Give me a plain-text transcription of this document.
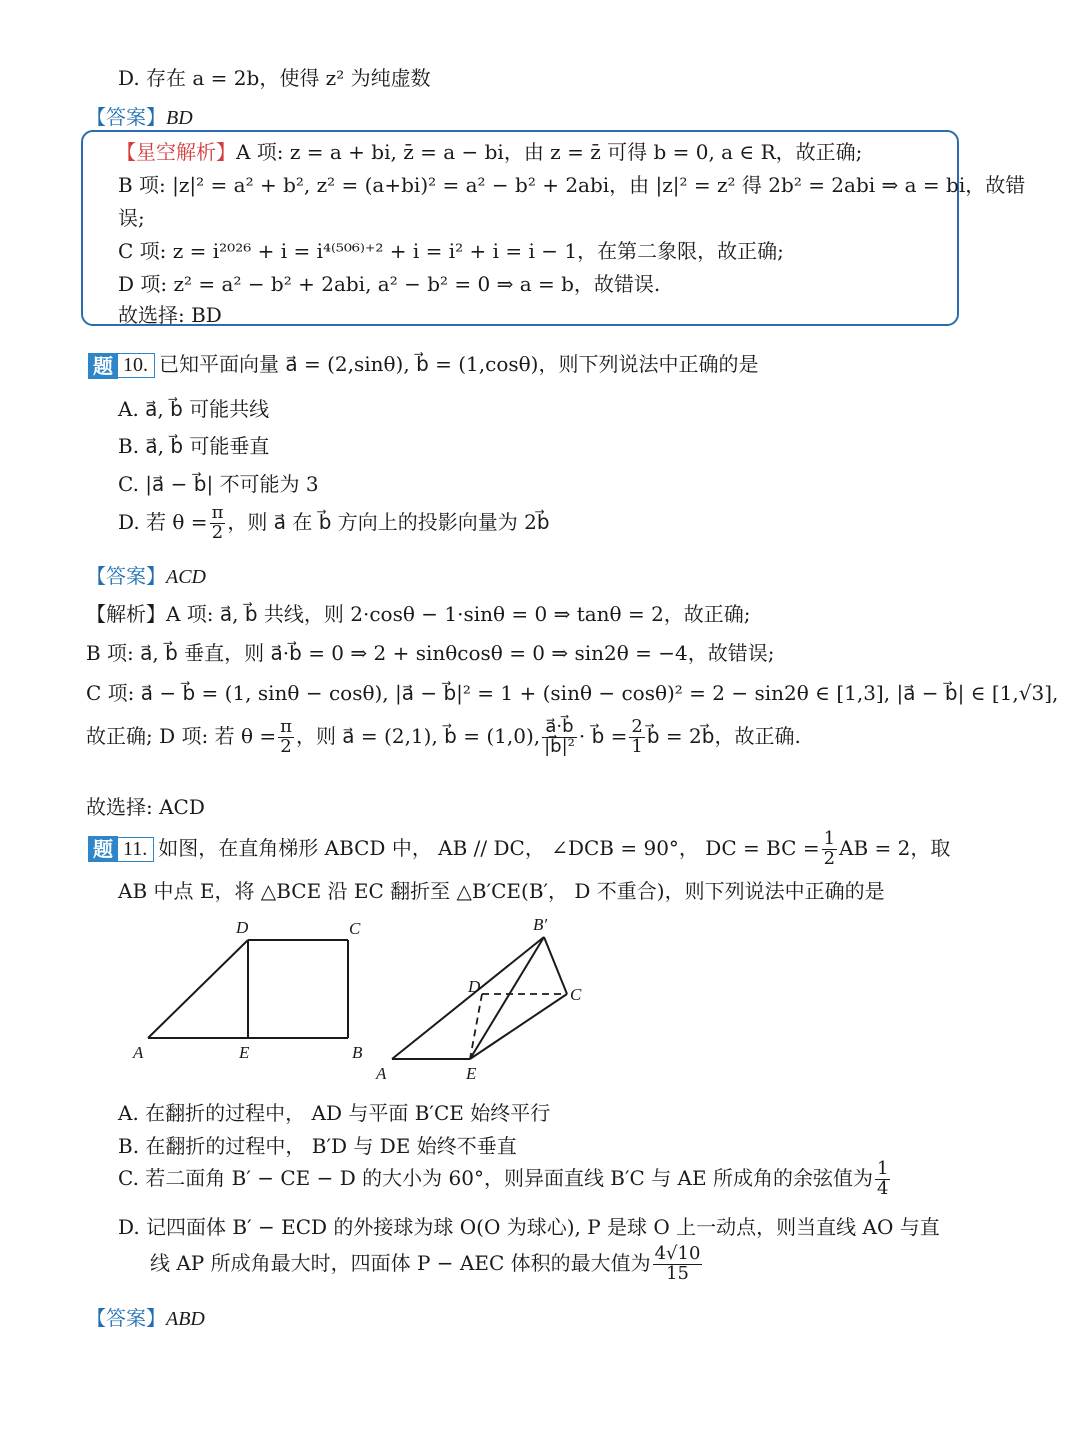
D. 存在 a = 2b，使得 z² 为纯虚数
【答案】BD
【星空解析】A 项: z = a + bi, z̄ = a − bi，由 z = z̄ 可得 b = 0, a ∈ R，故正确;
B 项: |z|² = a² + b², z² = (a+bi)² = a² − b² + 2abi，由 |z|² = z² 得 2b² = 2abi ⇒ a = bi，故错
误;
C 项: z = i²⁰²⁶ + i = i⁴⁽⁵⁰⁶⁾⁺² + i = i² + i = i − 1，在第二象限，故正确;
D 项: z² = a² − b² + 2abi, a² − b² = 0 ⇒ a = b，故错误.
故选择: BD
题 10. 已知平面向量 a⃗ = (2,sinθ), b⃗ = (1,cosθ)，则下列说法中正确的是
A. a⃗, b⃗ 可能共线
B. a⃗, b⃗ 可能垂直
C. |a⃗ − b⃗| 不可能为 3
D. 若 $\theta = \frac{\pi}{2}$ ，则 a⃗ 在 b⃗ 方向上的投影向量为 2b⃗
【答案】ACD
【解析】A 项: a⃗, b⃗ 共线，则 2·cosθ − 1·sinθ = 0 ⇒ tanθ = 2，故正确;
B 项: a⃗, b⃗ 垂直，则 a⃗·b⃗ = 0 ⇒ 2 + sinθcosθ = 0 ⇒ sin2θ = −4，故错误;
C 项: a⃗ − b⃗ = (1, sinθ − cosθ), |a⃗ − b⃗|² = 1 + (sinθ − cosθ)² = 2 − sin2θ ∈ [1,3], |a⃗ − b⃗| ∈ [1,√3],
故正确; D 项: 若 $\theta = \frac{\pi}{2}$ ，则 a⃗ = (2,1), b⃗ = (1,0), $\frac{a⃗\cdot b⃗}{\text{|b⃗|²}}$ · b⃗ = $\frac{2}{1}$ b⃗ = 2b⃗，故正确.
故选择: ACD
题 11. 如图，在直角梯形 ABCD 中， AB // DC， ∠DCB = 90°， DC = BC = $\frac{1}{2}$ AB = 2，取
AB 中点 E，将 △BCE 沿 EC 翻折至 △B′CE(B′， D 不重合)，则下列说法中正确的是
D	C
A	E	B
B′
D	C
A	E
A. 在翻折的过程中， AD 与平面 B′CE 始终平行
B. 在翻折的过程中， B′D 与 DE 始终不垂直
C. 若二面角 B′ − CE − D 的大小为 60°，则异面直线 B′C 与 AE 所成角的余弦值为 $\frac{1}{4}$
D. 记四面体 B′ − ECD 的外接球为球 O(O 为球心), P 是球 O 上一动点，则当直线 AO 与直
线 AP 所成角最大时，四面体 P − AEC 体积的最大值为 $\frac{4√10}{15}$
【答案】ABD
